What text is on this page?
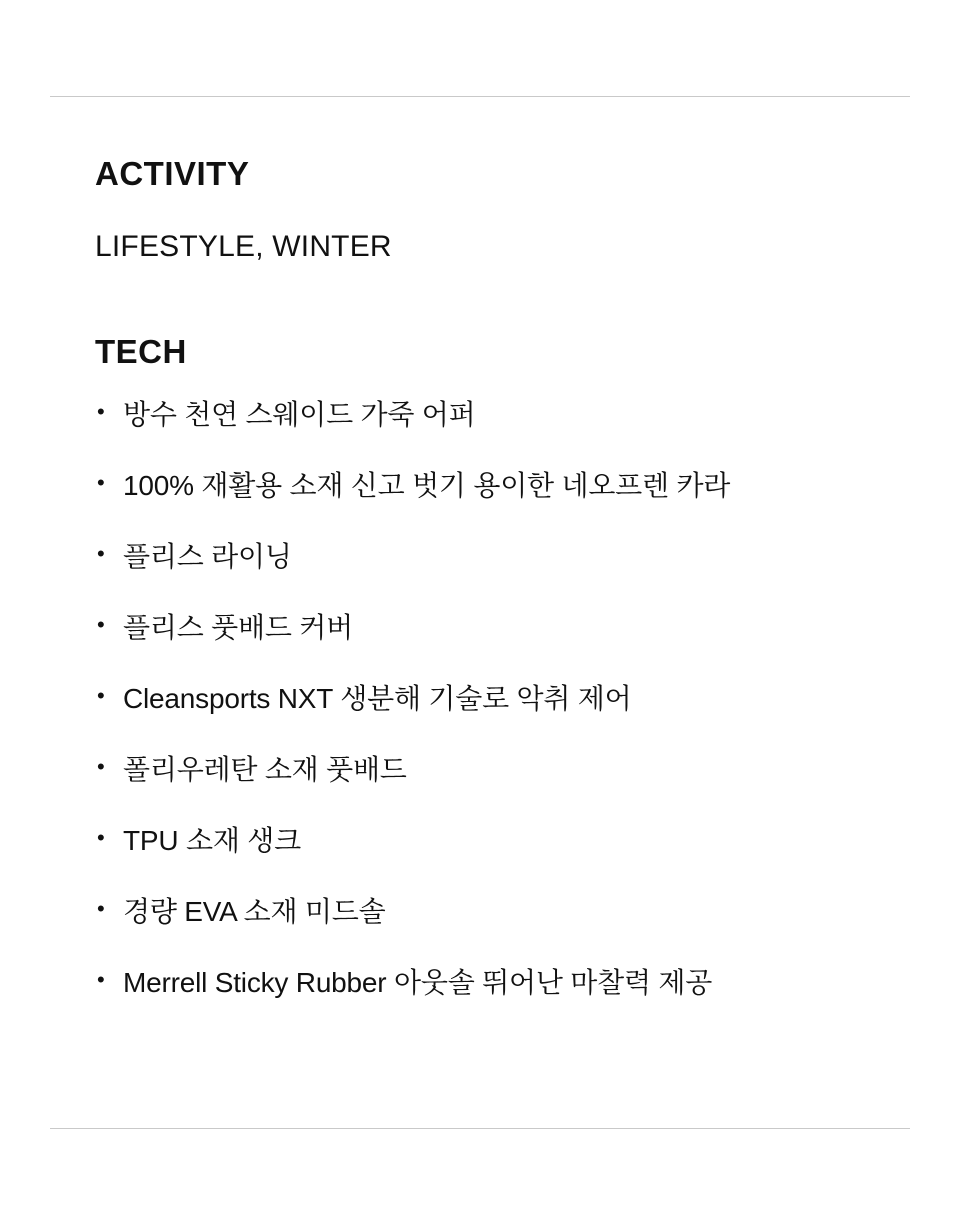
ACTIVITY

LIFESTYLE, WINTER

TECH
• 방수 천연 스웨이드 가죽 어퍼
• 100% 재활용 소재 신고 벗기 용이한 네오프렌 카라
• 플리스 라이닝
• 플리스 풋배드 커버
• Cleansports NXT 생분해 기술로 악취 제어
• 폴리우레탄 소재 풋배드
• TPU 소재 생크
• 경량 EVA 소재 미드솔
• Merrell Sticky Rubber 아웃솔 뛰어난 마찰력 제공
